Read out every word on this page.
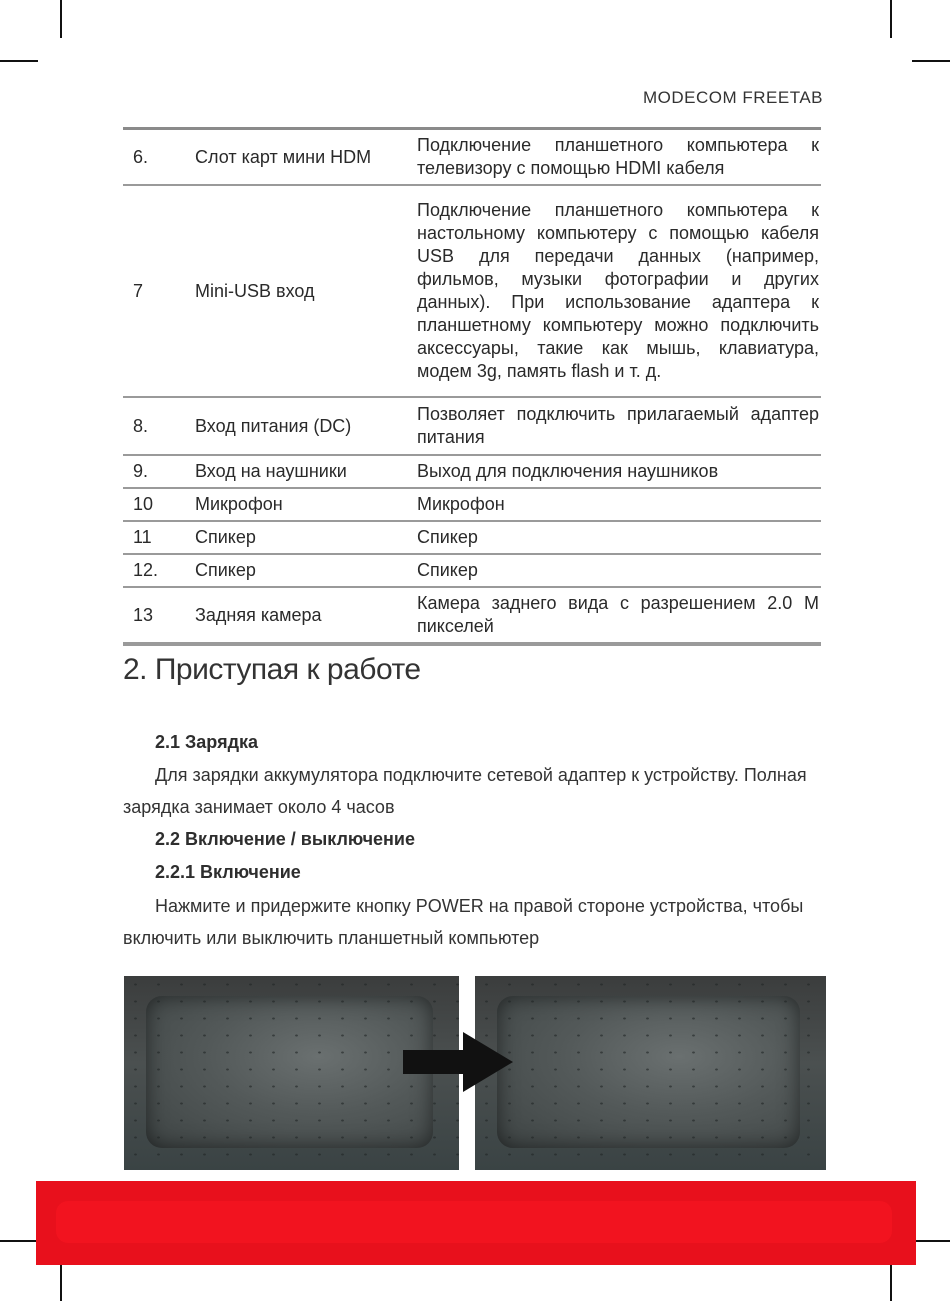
MODECOM FREETAB
6.	Слот карт мини HDM	Подключение планшетного компьютера к телевизору с помощью HDMI кабеля
7	Mini-USB вход	Подключение планшетного компьютера к настольному компьютеру с помощью кабеля USB для передачи данных (например, фильмов, музыки фотографии и других данных). При использование адаптера к планшетному компьютеру можно подключить аксессуары, такие как мышь, клавиатура, модем 3g, память flash и т. д.
8.	Вход питания (DC)	Позволяет подключить прилагаемый адаптер питания
9.	Вход на наушники	Выход для подключения наушников
10	Микрофон	Микрофон
11	Спикер	Спикер
12.	Спикер	Спикер
13	Задняя камера	Камера заднего вида с разрешением 2.0 М пикселей
2. Приступая к работе
2.1 Зарядка
Для зарядки аккумулятора подключите сетевой адаптер к устройству. Полная зарядка занимает около 4 часов
2.2 Включение / выключение
2.2.1 Включение
Нажмите и придержите кнопку POWER на правой стороне устройства, чтобы включить или выключить планшетный компьютер
